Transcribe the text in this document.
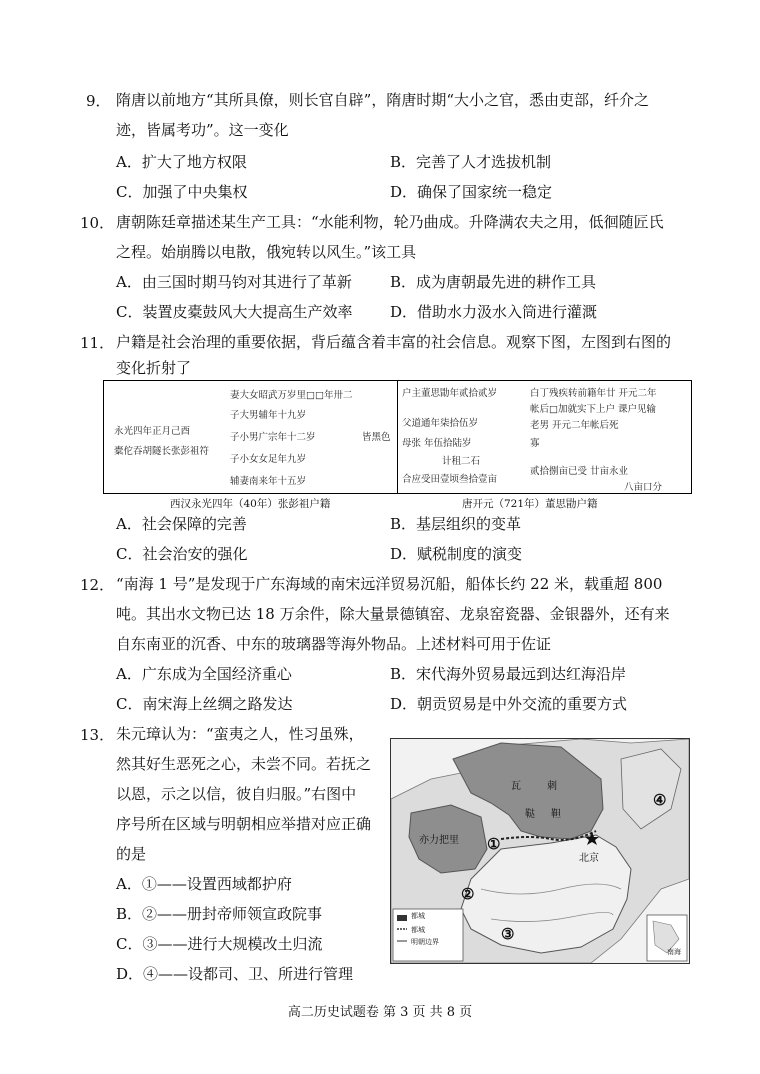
9． 隋唐以前地方“其所具僚，则长官自辟”，隋唐时期“大小之官，悉由吏部，纤介之
迹，皆属考功”。这一变化
A．扩大了地方权限	B．完善了人才选拔机制
C．加强了中央集权	D．确保了国家统一稳定
10． 唐朝陈廷章描述某生产工具：“水能利物，轮乃曲成。升降满农夫之用，低徊随匠氏
之程。始崩腾以电散，俄宛转以风生。”该工具
A．由三国时期马钧对其进行了革新	B．成为唐朝最先进的耕作工具
C．装置皮橐鼓风大大提高生产效率	D．借助水力汲水入筒进行灌溉
11． 户籍是社会治理的重要依据，背后蕴含着丰富的社会信息。观察下图，左图到右图的
变化折射了
永光四年正月己酉
橐佗吞胡隧长张彭祖符
妻大女昭武万岁里□□年卅二
子大男辅年十九岁
子小男广宗年十二岁
子小女女足年九岁
辅妻南来年十五岁
皆黑色
户主董思勖年贰拾贰岁
父道通年柒拾伍岁
母张 年伍拾陆岁
计租二石
合应受田壹顷叁拾壹亩
白丁残疾转前籍年廿 开元二年
帐后□加就实下上户 课户见输
老男 开元二年帐后死
寡
贰拾捌亩已受 廿亩永业
八亩口分
西汉永光四年（40年）张彭祖户籍	唐开元（721年）董思勖户籍
A．社会保障的完善	B．基层组织的变革
C．社会治安的强化	D．赋税制度的演变
12． “南海 1 号”是发现于广东海域的南宋远洋贸易沉船，船体长约 22 米，载重超 800
吨。其出水文物已达 18 万余件，除大量景德镇窑、龙泉窑瓷器、金银器外，还有来
自东南亚的沉香、中东的玻璃器等海外物品。上述材料可用于佐证
A．广东成为全国经济重心	B．宋代海外贸易最远到达红海沿岸
C．南宋海上丝绸之路发达	D．朝贡贸易是中外交流的重要方式
13． 朱元璋认为：“蛮夷之人，性习虽殊，
然其好生恶死之心，未尝不同。若抚之
以恩，示之以信，彼自归服。”右图中
序号所在区域与明朝相应举措对应正确
的是
A．①——设置西域都护府
B．②——册封帝师领宣政院事
C．③——进行大规模改土归流
D．④——设都司、卫、所进行管理
瓦	刺
鞑 靼
亦力把里
北京
①
②
③
④
都城
都城
明朝边界
南海
高二历史试题卷 第 3 页 共 8 页
